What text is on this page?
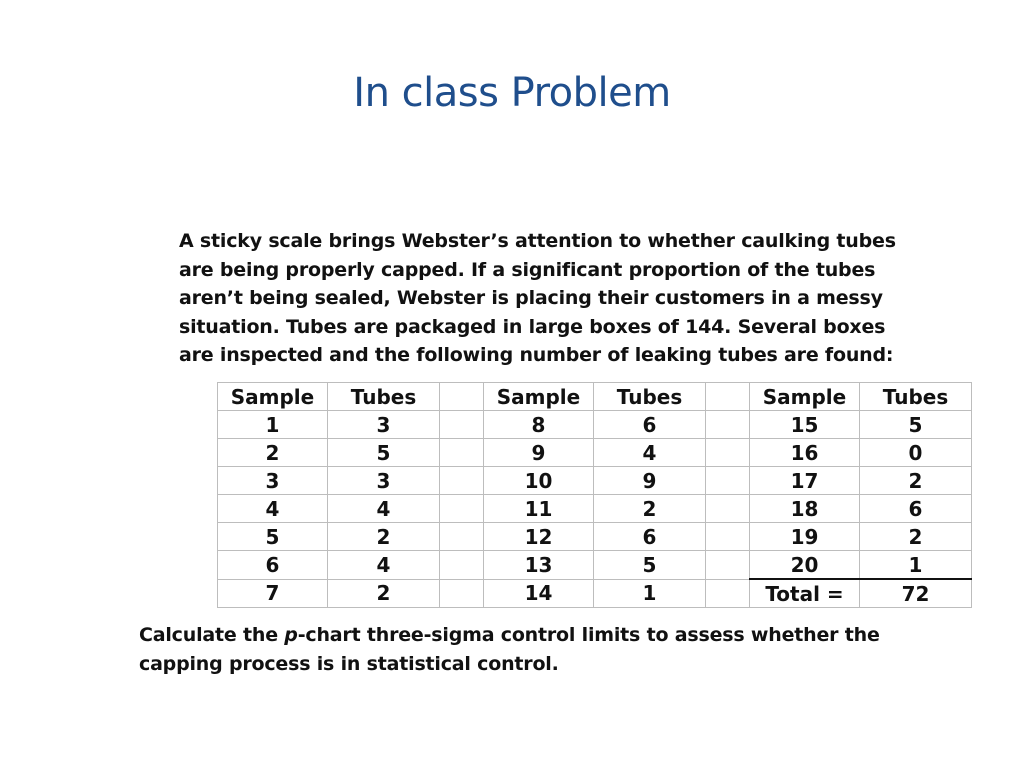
In class Problem
A sticky scale brings Webster’s attention to whether caulking tubes
are being properly capped. If a significant proportion of the tubes
aren’t being sealed, Webster is placing their customers in a messy
situation. Tubes are packaged in large boxes of 144. Several boxes
are inspected and the following number of leaking tubes are found:
Sample	Tubes		Sample	Tubes		Sample	Tubes
1	3		8	6		15	5
2	5		9	4		16	0
3	3		10	9		17	2
4	4		11	2		18	6
5	2		12	6		19	2
6	4		13	5		20	1
7	2		14	1		Total =	72
Calculate the p-chart three-sigma control limits to assess whether the
capping process is in statistical control.
